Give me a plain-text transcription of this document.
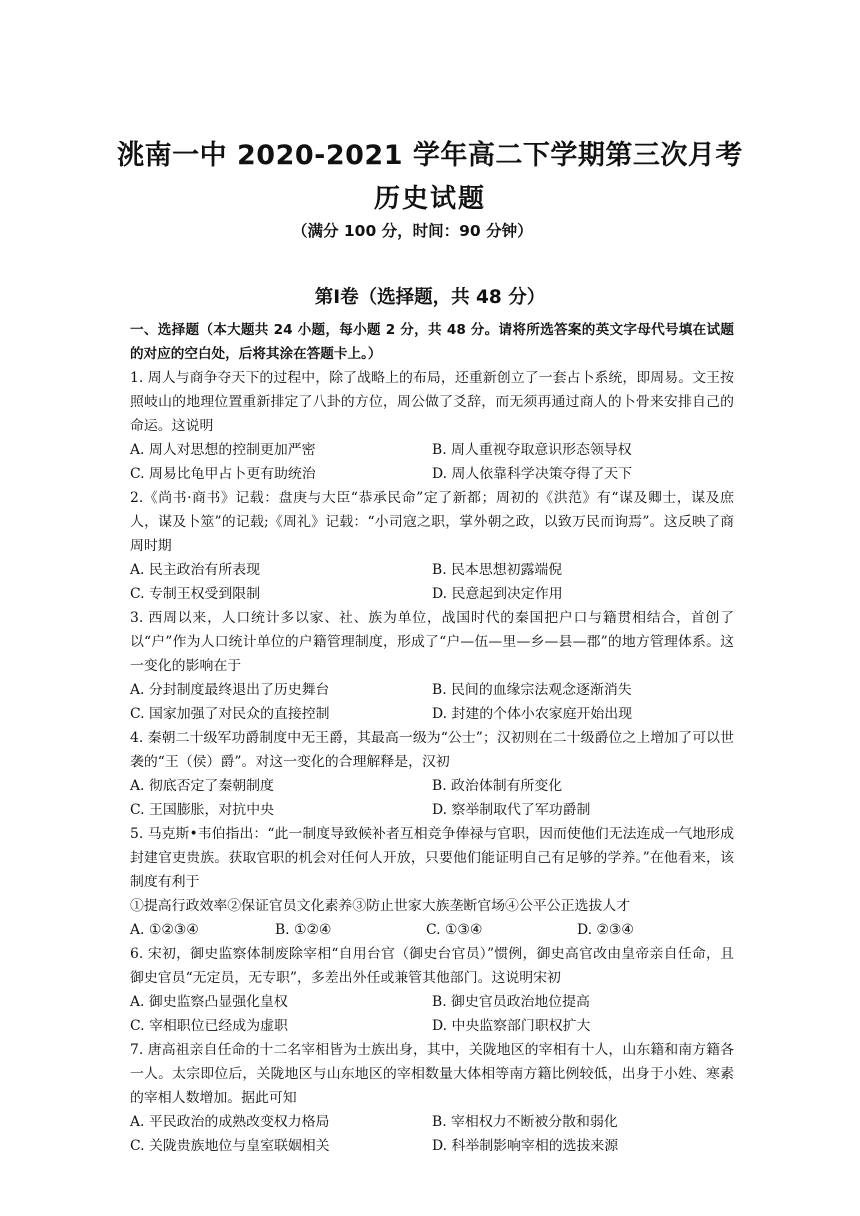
洮南一中 2020-2021 学年高二下学期第三次月考
历史试题
（满分 100 分，时间：90 分钟）
第Ⅰ卷（选择题，共 48 分）

一、选择题（本大题共 24 小题，每小题 2 分，共 48 分。请将所选答案的英文字母代号填在试题的对应的空白处，后将其涂在答题卡上。）

1. 周人与商争夺天下的过程中，除了战略上的布局，还重新创立了一套占卜系统，即周易。文王按照岐山的地理位置重新排定了八卦的方位，周公做了爻辞，而无须再通过商人的卜骨来安排自己的命运。这说明

A. 周人对思想的控制更加严密	B. 周人重视夺取意识形态领导权
C. 周易比龟甲占卜更有助统治	D. 周人依靠科学决策夺得了天下

2.《尚书·商书》记载：盘庚与大臣“恭承民命”定了新都；周初的《洪范》有“谋及卿士，谋及庶人，谋及卜筮”的记载;《周礼》记载：“小司寇之职，掌外朝之政，以致万民而询焉”。这反映了商周时期

A. 民主政治有所表现	B. 民本思想初露端倪
C. 专制王权受到限制	D. 民意起到决定作用

3. 西周以来，人口统计多以家、社、族为单位，战国时代的秦国把户口与籍贯相结合，首创了以“户”作为人口统计单位的户籍管理制度，形成了“户—伍—里—乡—县—郡”的地方管理体系。这一变化的影响在于

A. 分封制度最终退出了历史舞台	B. 民间的血缘宗法观念逐渐消失
C. 国家加强了对民众的直接控制	D. 封建的个体小农家庭开始出现

4. 秦朝二十级军功爵制度中无王爵，其最高一级为“公士”；汉初则在二十级爵位之上增加了可以世袭的“王（侯）爵”。对这一变化的合理解释是，汉初

A. 彻底否定了秦朝制度	B. 政治体制有所变化
C. 王国膨胀，对抗中央	D. 察举制取代了军功爵制

5. 马克斯•韦伯指出：“此一制度导致候补者互相竞争俸禄与官职，因而使他们无法连成一气地形成封建官吏贵族。获取官职的机会对任何人开放，只要他们能证明自己有足够的学养。”在他看来，该制度有利于

①提高行政效率②保证官员文化素养③防止世家大族垄断官场④公平公正选拔人才

A. ①②③④	B. ①②④	C. ①③④	D. ②③④

6. 宋初，御史监察体制废除宰相“自用台官（御史台官员）”惯例，御史高官改由皇帝亲自任命，且御史官员“无定员，无专职”，多差出外任或兼管其他部门。这说明宋初

A. 御史监察凸显强化皇权	B. 御史官员政治地位提高
C. 宰相职位已经成为虚职	D. 中央监察部门职权扩大

7. 唐高祖亲自任命的十二名宰相皆为士族出身，其中，关陇地区的宰相有十人，山东籍和南方籍各一人。太宗即位后，关陇地区与山东地区的宰相数量大体相等南方籍比例较低，出身于小姓、寒素的宰相人数增加。据此可知

A. 平民政治的成熟改变权力格局	B. 宰相权力不断被分散和弱化
C. 关陇贵族地位与皇室联姻相关	D. 科举制影响宰相的选拔来源
